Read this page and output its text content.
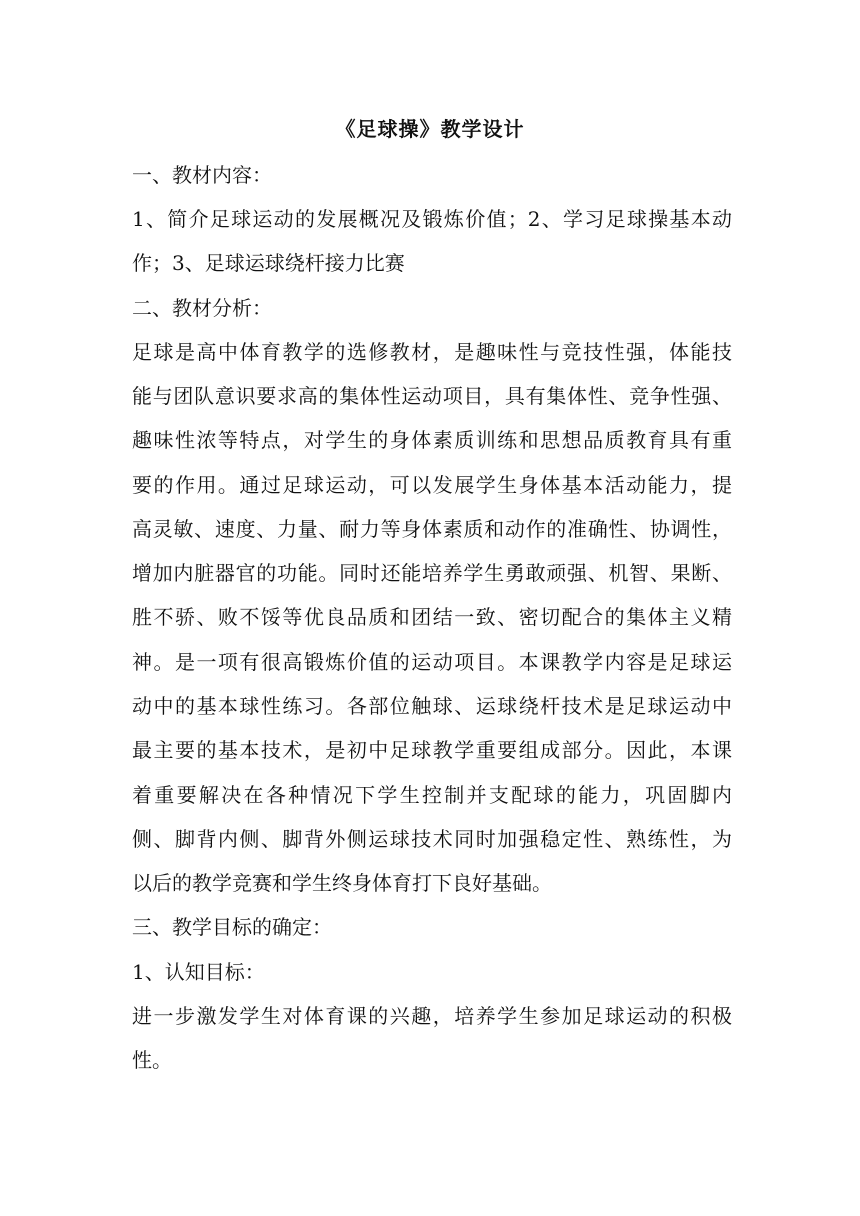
《足球操》教学设计
一、教材内容：
1、简介足球运动的发展概况及锻炼价值；2、学习足球操基本动
作；3、足球运球绕杆接力比赛
二、教材分析：
足球是高中体育教学的选修教材，是趣味性与竞技性强，体能技
能与团队意识要求高的集体性运动项目，具有集体性、竞争性强、
趣味性浓等特点，对学生的身体素质训练和思想品质教育具有重
要的作用。通过足球运动，可以发展学生身体基本活动能力，提
高灵敏、速度、力量、耐力等身体素质和动作的准确性、协调性，
增加内脏器官的功能。同时还能培养学生勇敢顽强、机智、果断、
胜不骄、败不馁等优良品质和团结一致、密切配合的集体主义精
神。是一项有很高锻炼价值的运动项目。本课教学内容是足球运
动中的基本球性练习。各部位触球、运球绕杆技术是足球运动中
最主要的基本技术，是初中足球教学重要组成部分。因此，本课
着重要解决在各种情况下学生控制并支配球的能力，巩固脚内
侧、脚背内侧、脚背外侧运球技术同时加强稳定性、熟练性，为
以后的教学竞赛和学生终身体育打下良好基础。
三、教学目标的确定：
1、认知目标：
进一步激发学生对体育课的兴趣，培养学生参加足球运动的积极
性。
